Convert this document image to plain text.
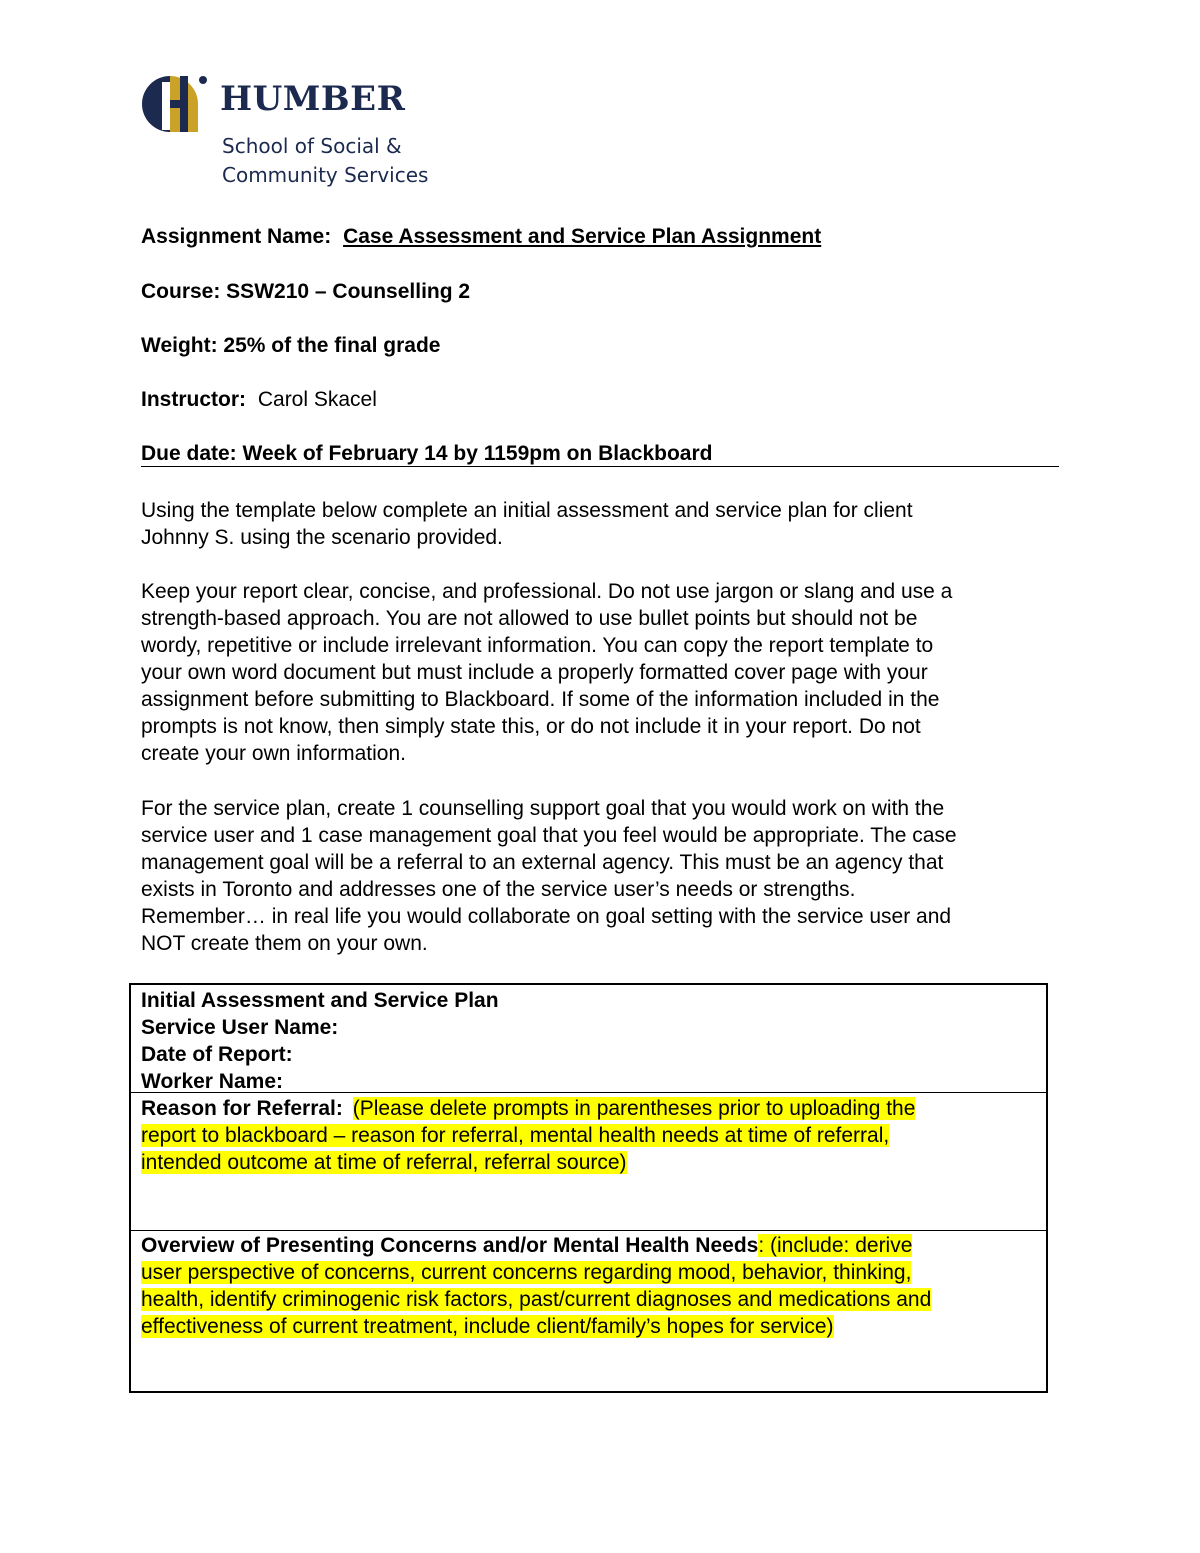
HUMBER
School of Social &
Community Services
Assignment Name: Case Assessment and Service Plan Assignment
Course: SSW210 – Counselling 2
Weight: 25% of the final grade
Instructor: Carol Skacel
Due date: Week of February 14 by 1159pm on Blackboard
Using the template below complete an initial assessment and service plan for client
Johnny S. using the scenario provided.
Keep your report clear, concise, and professional. Do not use jargon or slang and use a
strength-based approach. You are not allowed to use bullet points but should not be
wordy, repetitive or include irrelevant information. You can copy the report template to
your own word document but must include a properly formatted cover page with your
assignment before submitting to Blackboard. If some of the information included in the
prompts is not know, then simply state this, or do not include it in your report. Do not
create your own information.
For the service plan, create 1 counselling support goal that you would work on with the
service user and 1 case management goal that you feel would be appropriate. The case
management goal will be a referral to an external agency. This must be an agency that
exists in Toronto and addresses one of the service user’s needs or strengths.
Remember… in real life you would collaborate on goal setting with the service user and
NOT create them on your own.
Initial Assessment and Service Plan
Service User Name:
Date of Report:
Worker Name:
Reason for Referral: (Please delete prompts in parentheses prior to uploading the
report to blackboard – reason for referral, mental health needs at time of referral,
intended outcome at time of referral, referral source)
Overview of Presenting Concerns and/or Mental Health Needs: (include: derive
user perspective of concerns, current concerns regarding mood, behavior, thinking,
health, identify criminogenic risk factors, past/current diagnoses and medications and
effectiveness of current treatment, include client/family’s hopes for service)
